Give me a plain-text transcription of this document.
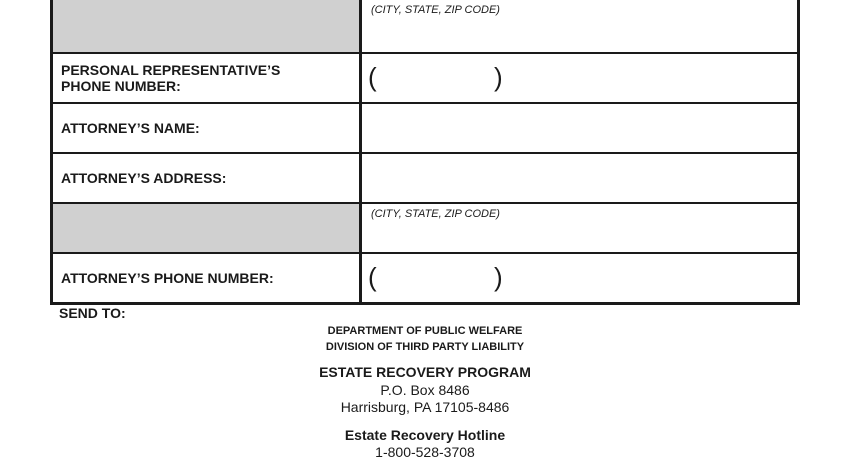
(CITY, STATE, ZIP CODE)
PERSONAL REPRESENTATIVE’S
PHONE NUMBER:	(	)
ATTORNEY’S NAME:
ATTORNEY’S ADDRESS:
(CITY, STATE, ZIP CODE)
ATTORNEY’S PHONE NUMBER:	(	)
SEND TO:
DEPARTMENT OF PUBLIC WELFARE
DIVISION OF THIRD PARTY LIABILITY
ESTATE RECOVERY PROGRAM
P.O. Box 8486
Harrisburg, PA 17105-8486
Estate Recovery Hotline
1-800-528-3708
